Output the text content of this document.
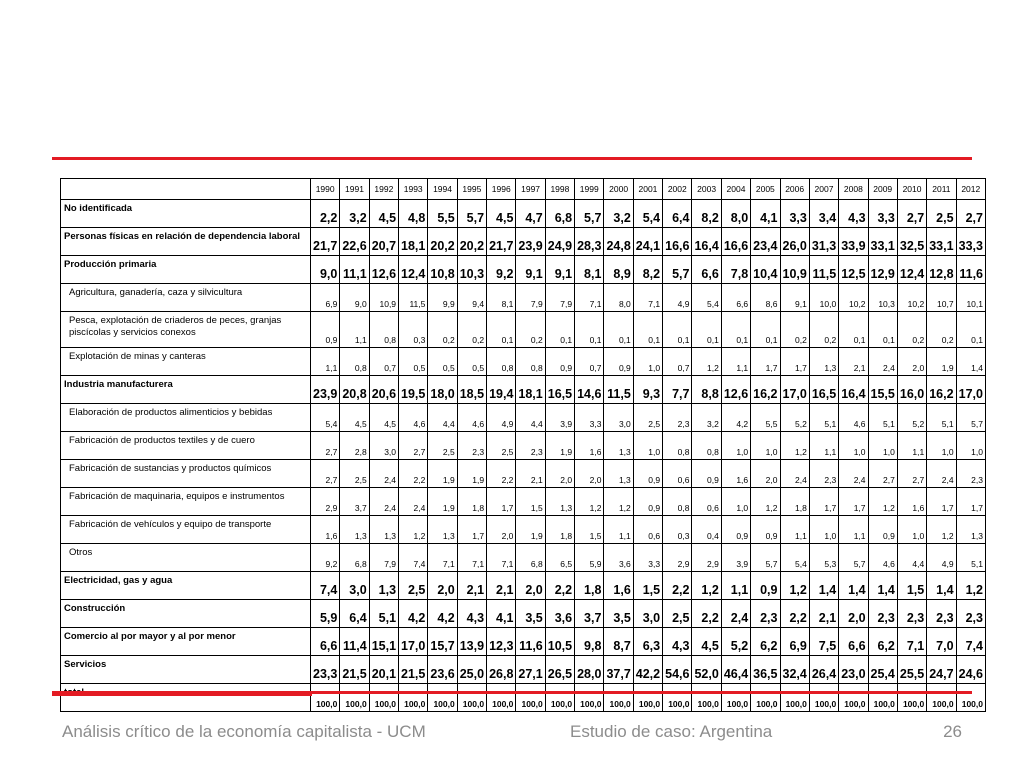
	1990	1991	1992	1993	1994	1995	1996	1997	1998	1999	2000	2001	2002	2003	2004	2005	2006	2007	2008	2009	2010	2011	2012
No identificada	2,2	3,2	4,5	4,8	5,5	5,7	4,5	4,7	6,8	5,7	3,2	5,4	6,4	8,2	8,0	4,1	3,3	3,4	4,3	3,3	2,7	2,5	2,7
Personas físicas en relación de dependencia laboral	21,7	22,6	20,7	18,1	20,2	20,2	21,7	23,9	24,9	28,3	24,8	24,1	16,6	16,4	16,6	23,4	26,0	31,3	33,9	33,1	32,5	33,1	33,3
Producción primaria	9,0	11,1	12,6	12,4	10,8	10,3	9,2	9,1	9,1	8,1	8,9	8,2	5,7	6,6	7,8	10,4	10,9	11,5	12,5	12,9	12,4	12,8	11,6
Agricultura, ganadería, caza y silvicultura	6,9	9,0	10,9	11,5	9,9	9,4	8,1	7,9	7,9	7,1	8,0	7,1	4,9	5,4	6,6	8,6	9,1	10,0	10,2	10,3	10,2	10,7	10,1
Pesca, explotación de criaderos de peces, granjas piscícolas y servicios conexos	0,9	1,1	0,8	0,3	0,2	0,2	0,1	0,2	0,1	0,1	0,1	0,1	0,1	0,1	0,1	0,1	0,2	0,2	0,1	0,1	0,2	0,2	0,1
Explotación de minas y canteras	1,1	0,8	0,7	0,5	0,5	0,5	0,8	0,8	0,9	0,7	0,9	1,0	0,7	1,2	1,1	1,7	1,7	1,3	2,1	2,4	2,0	1,9	1,4
Industria manufacturera	23,9	20,8	20,6	19,5	18,0	18,5	19,4	18,1	16,5	14,6	11,5	9,3	7,7	8,8	12,6	16,2	17,0	16,5	16,4	15,5	16,0	16,2	17,0
Elaboración de productos alimenticios y bebidas	5,4	4,5	4,5	4,6	4,4	4,6	4,9	4,4	3,9	3,3	3,0	2,5	2,3	3,2	4,2	5,5	5,2	5,1	4,6	5,1	5,2	5,1	5,7
Fabricación de productos textiles y de cuero	2,7	2,8	3,0	2,7	2,5	2,3	2,5	2,3	1,9	1,6	1,3	1,0	0,8	0,8	1,0	1,0	1,2	1,1	1,0	1,0	1,1	1,0	1,0
Fabricación de sustancias y productos químicos	2,7	2,5	2,4	2,2	1,9	1,9	2,2	2,1	2,0	2,0	1,3	0,9	0,6	0,9	1,6	2,0	2,4	2,3	2,4	2,7	2,7	2,4	2,3
Fabricación de maquinaria, equipos e instrumentos	2,9	3,7	2,4	2,4	1,9	1,8	1,7	1,5	1,3	1,2	1,2	0,9	0,8	0,6	1,0	1,2	1,8	1,7	1,7	1,2	1,6	1,7	1,7
Fabricación de vehículos y equipo de transporte	1,6	1,3	1,3	1,2	1,3	1,7	2,0	1,9	1,8	1,5	1,1	0,6	0,3	0,4	0,9	0,9	1,1	1,0	1,1	0,9	1,0	1,2	1,3
Otros	9,2	6,8	7,9	7,4	7,1	7,1	7,1	6,8	6,5	5,9	3,6	3,3	2,9	2,9	3,9	5,7	5,4	5,3	5,7	4,6	4,4	4,9	5,1
Electricidad, gas y agua	7,4	3,0	1,3	2,5	2,0	2,1	2,1	2,0	2,2	1,8	1,6	1,5	2,2	1,2	1,1	0,9	1,2	1,4	1,4	1,4	1,5	1,4	1,2
Construcción	5,9	6,4	5,1	4,2	4,2	4,3	4,1	3,5	3,6	3,7	3,5	3,0	2,5	2,2	2,4	2,3	2,2	2,1	2,0	2,3	2,3	2,3	2,3
Comercio al por mayor y al por menor	6,6	11,4	15,1	17,0	15,7	13,9	12,3	11,6	10,5	9,8	8,7	6,3	4,3	4,5	5,2	6,2	6,9	7,5	6,6	6,2	7,1	7,0	7,4
Servicios	23,3	21,5	20,1	21,5	23,6	25,0	26,8	27,1	26,5	28,0	37,7	42,2	54,6	52,0	46,4	36,5	32,4	26,4	23,0	25,4	25,5	24,7	24,6
	100,0	100,0	100,0	100,0	100,0	100,0	100,0	100,0	100,0	100,0	100,0	100,0	100,0	100,0	100,0	100,0	100,0	100,0	100,0	100,0	100,0	100,0	100,0
Análisis crítico de la economía capitalista - UCM	Estudio de caso: Argentina	26
